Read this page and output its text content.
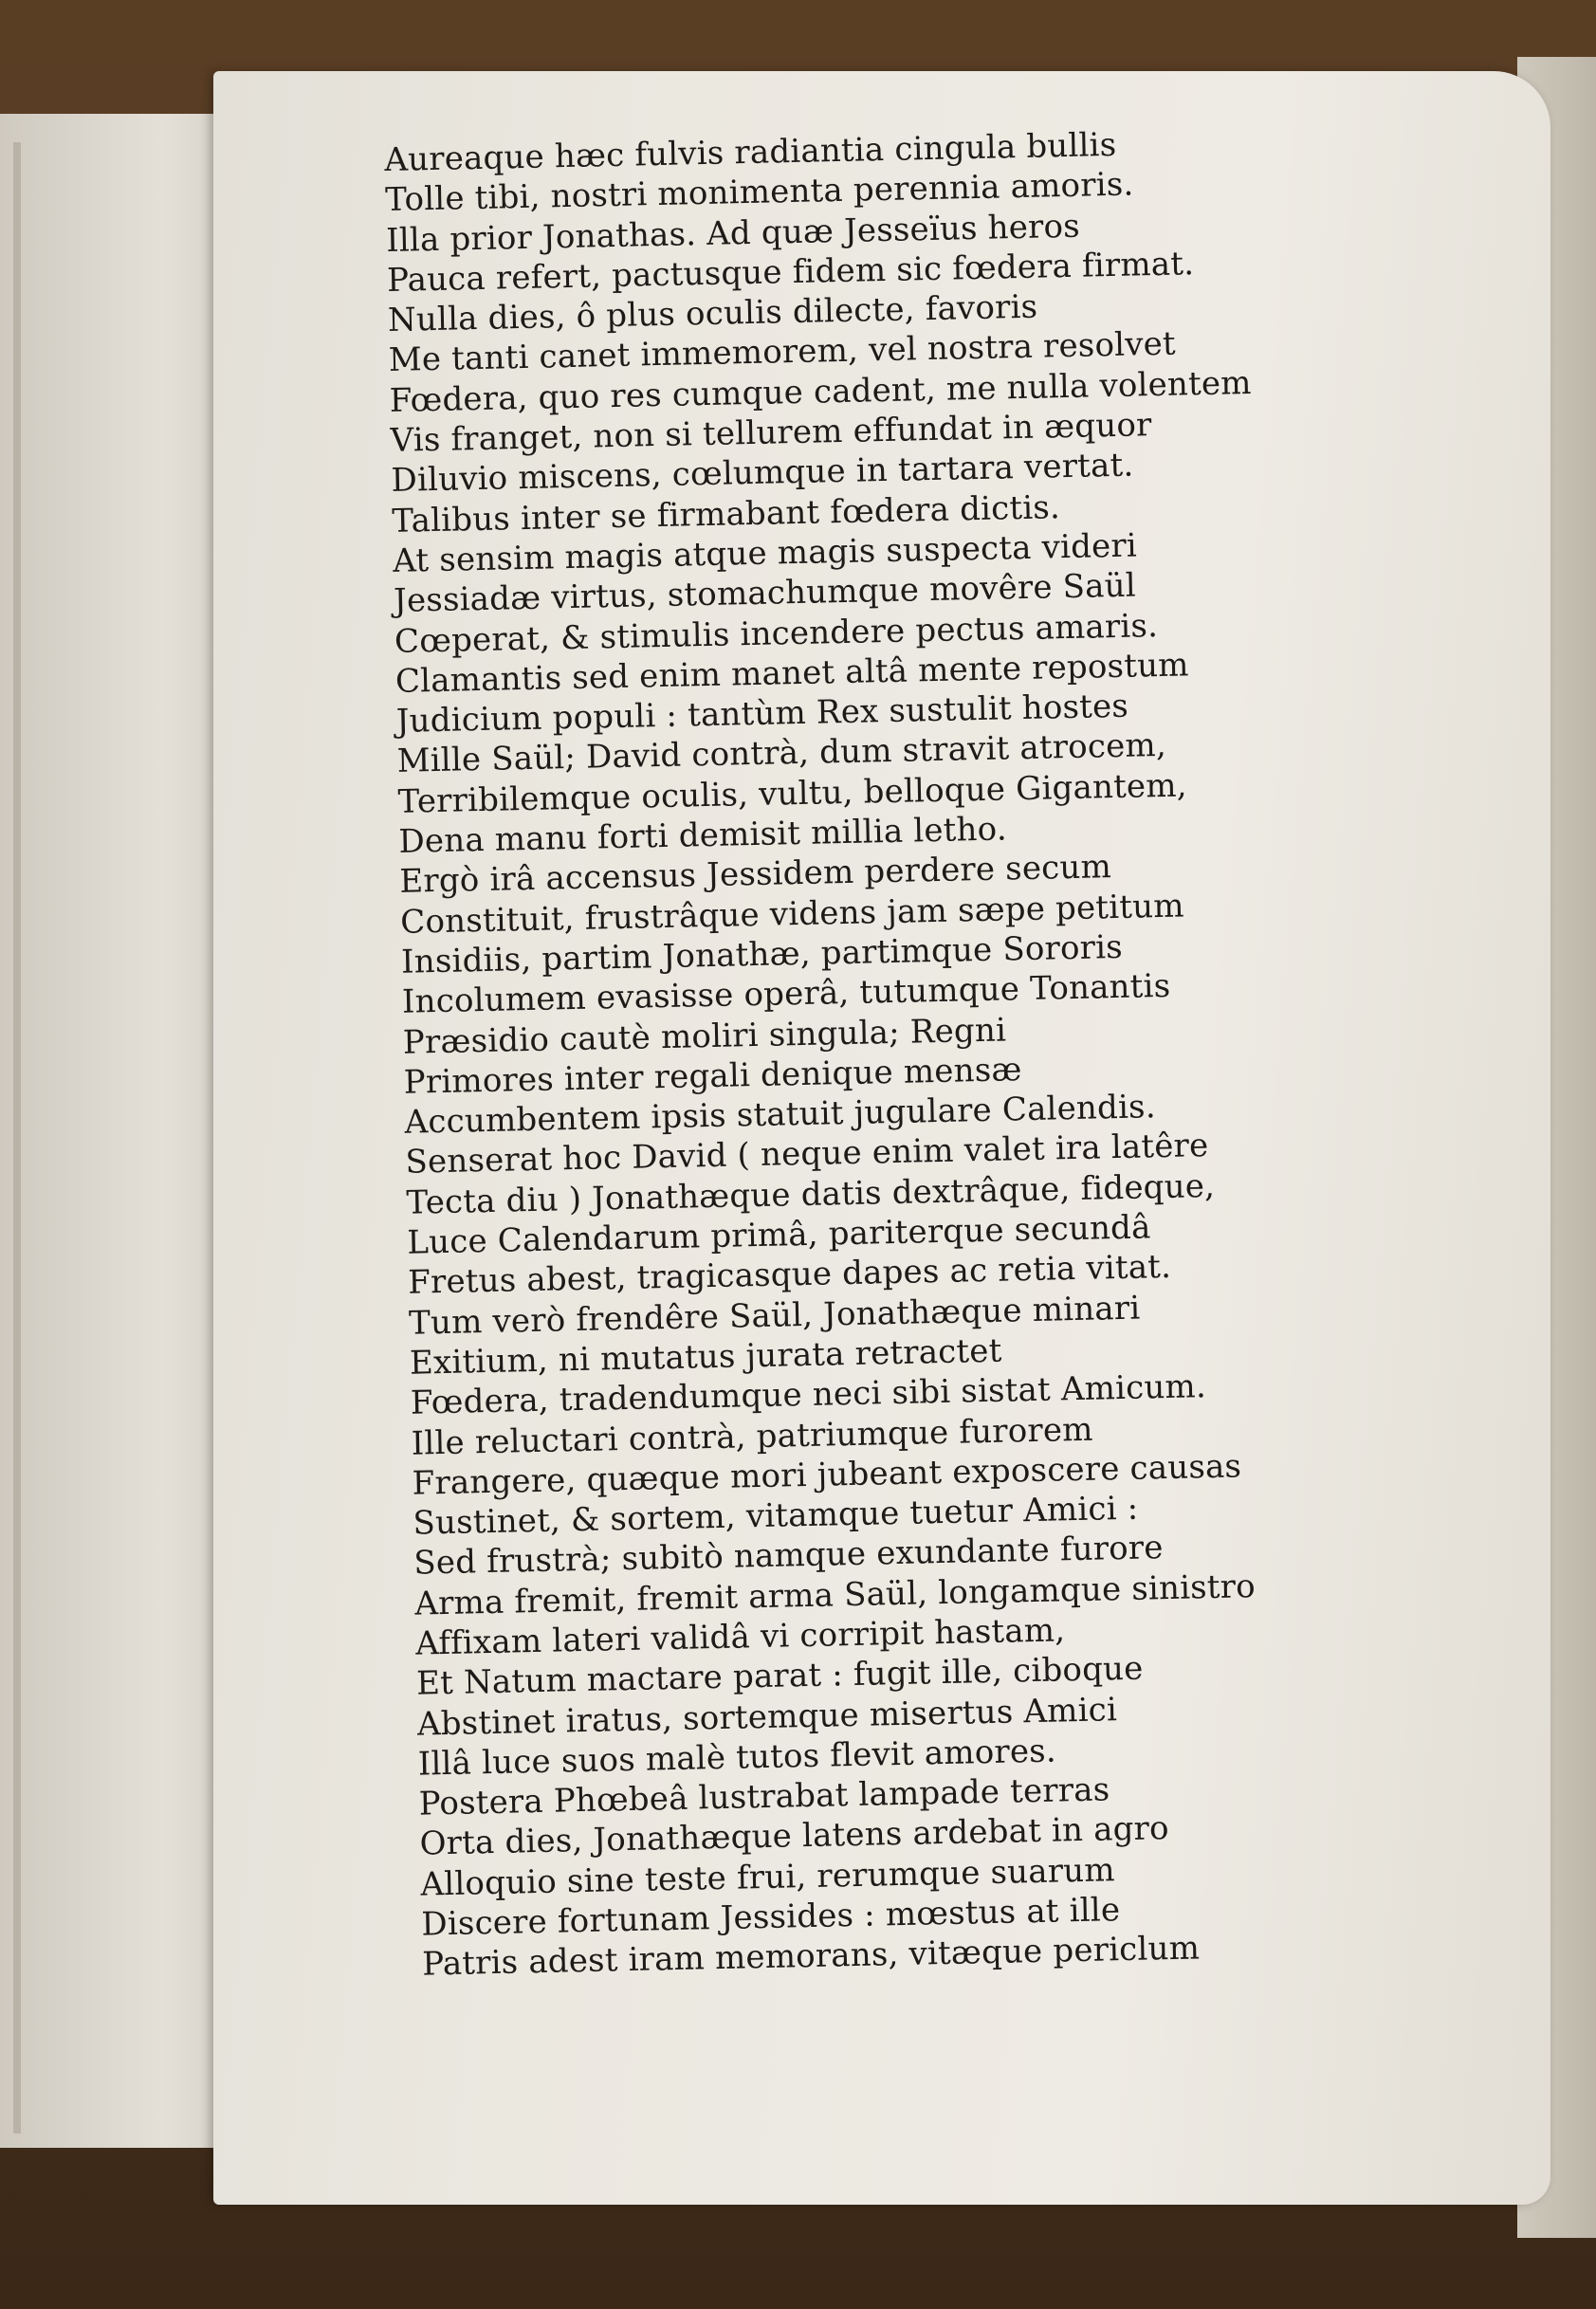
Aureaque hæc fulvis radiantia cingula bullis
Tolle tibi, nostri monimenta perennia amoris.
Illa prior Jonathas. Ad quæ Jesseïus heros
Pauca refert, pactusque fidem sic fœdera firmat.
Nulla dies, ô plus oculis dilecte, favoris
Me tanti canet immemorem, vel nostra resolvet
Fœdera, quo res cumque cadent, me nulla volentem
Vis franget, non si tellurem effundat in æquor
Diluvio miscens, cœlumque in tartara vertat.
Talibus inter se firmabant fœdera dictis.
At sensim magis atque magis suspecta videri
Jessiadæ virtus, stomachumque movêre Saül
Cœperat, & stimulis incendere pectus amaris.
Clamantis sed enim manet altâ mente repostum
Judicium populi : tantùm Rex sustulit hostes
Mille Saül; David contrà, dum stravit atrocem,
Terribilemque oculis, vultu, belloque Gigantem,
Dena manu forti demisit millia letho.
Ergò irâ accensus Jessidem perdere secum
Constituit, frustrâque videns jam sæpe petitum
Insidiis, partim Jonathæ, partimque Sororis
Incolumem evasisse operâ, tutumque Tonantis
Præsidio cautè moliri singula; Regni
Primores inter regali denique mensæ
Accumbentem ipsis statuit jugulare Calendis.
Senserat hoc David ( neque enim valet ira latêre
Tecta diu ) Jonathæque datis dextrâque, fideque,
Luce Calendarum primâ, pariterque secundâ
Fretus abest, tragicasque dapes ac retia vitat.
Tum verò frendêre Saül, Jonathæque minari
Exitium, ni mutatus jurata retractet
Fœdera, tradendumque neci sibi sistat Amicum.
Ille reluctari contrà, patriumque furorem
Frangere, quæque mori jubeant exposcere causas
Sustinet, & sortem, vitamque tuetur Amici :
Sed frustrà; subitò namque exundante furore
Arma fremit, fremit arma Saül, longamque sinistro
Affixam lateri validâ vi corripit hastam,
Et Natum mactare parat : fugit ille, ciboque
Abstinet iratus, sortemque misertus Amici
Illâ luce suos malè tutos flevit amores.
Postera Phœbeâ lustrabat lampade terras
Orta dies, Jonathæque latens ardebat in agro
Alloquio sine teste frui, rerumque suarum
Discere fortunam Jessides : mœstus at ille
Patris adest iram memorans, vitæque periclum
